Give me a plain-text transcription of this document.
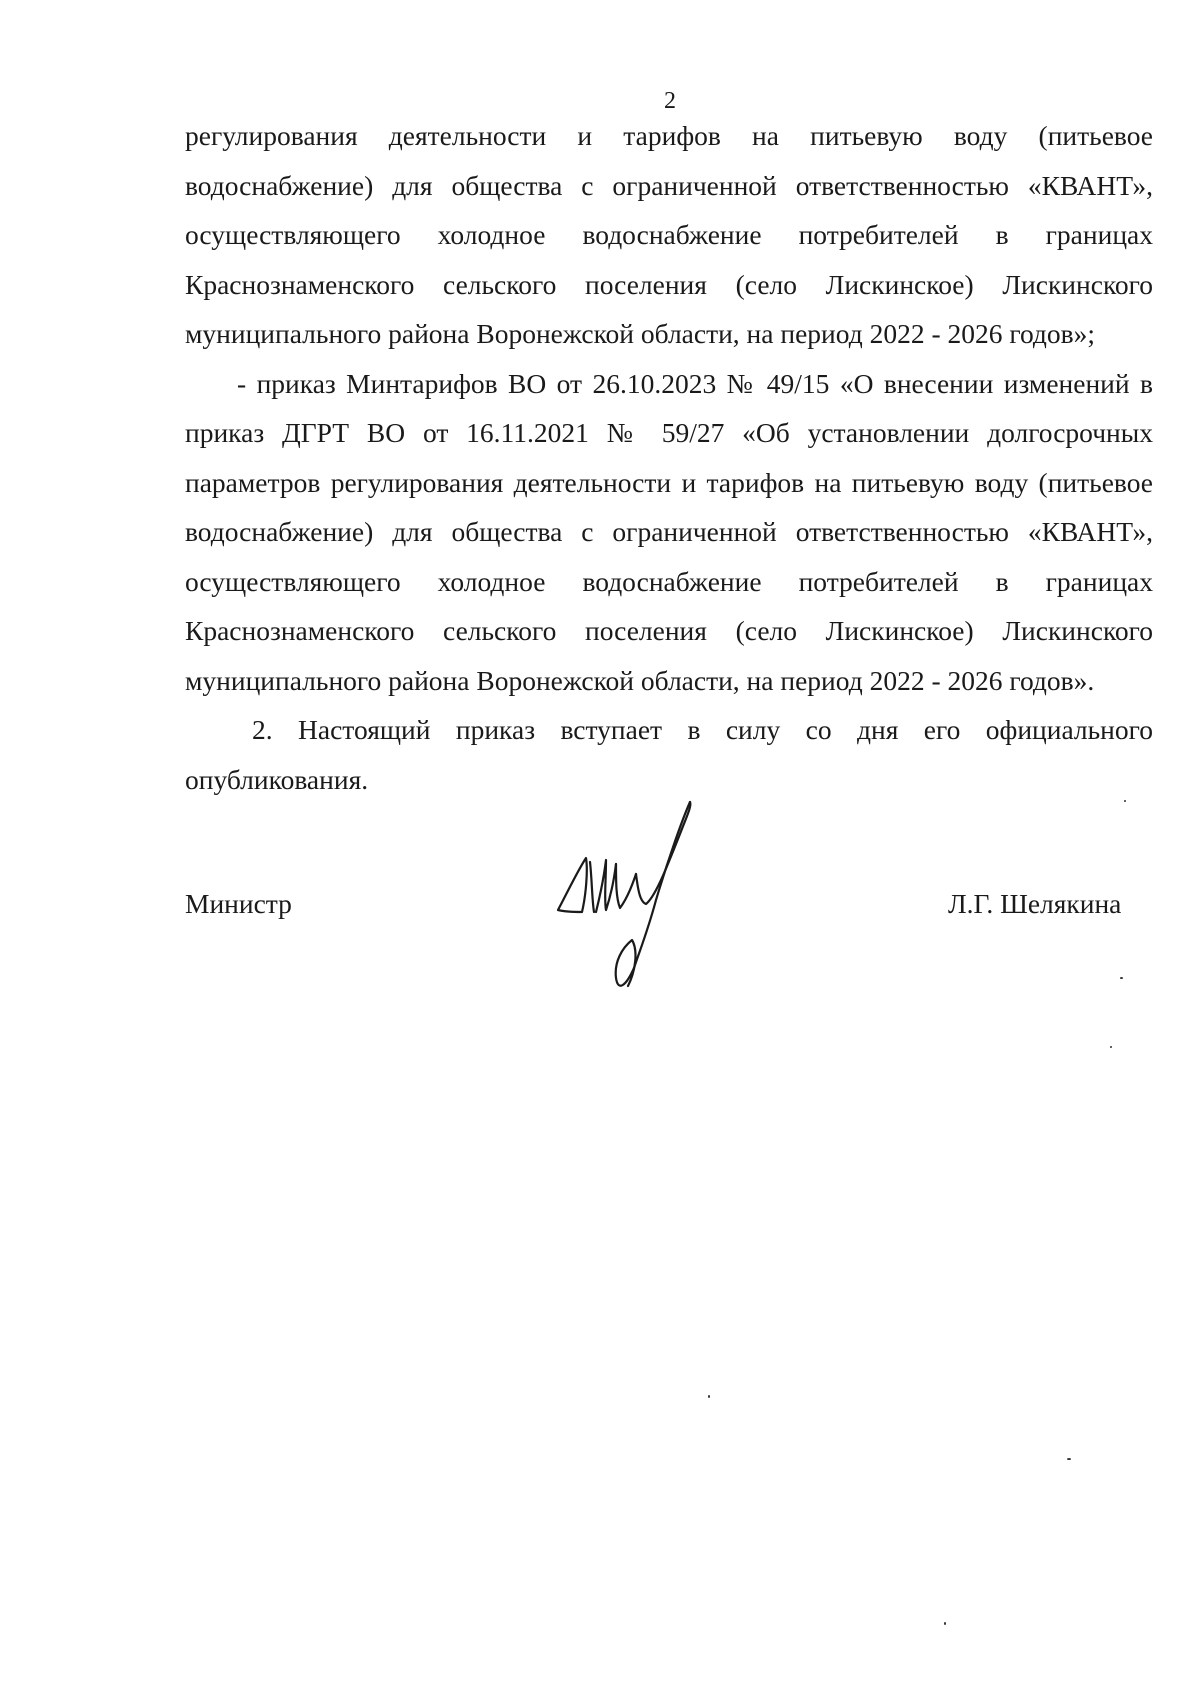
2

регулирования деятельности и тарифов на питьевую воду (питьевое водоснабжение) для общества с ограниченной ответственностью «КВАНТ», осуществляющего холодное водоснабжение потребителей в границах Краснознаменского сельского поселения (село Лискинское) Лискинского муниципального района Воронежской области, на период 2022 - 2026 годов»;

- приказ Минтарифов ВО от 26.10.2023 № 49/15 «О внесении изменений в приказ ДГРТ ВО от 16.11.2021 № 59/27 «Об установлении долгосрочных параметров регулирования деятельности и тарифов на питьевую воду (питьевое водоснабжение) для общества с ограниченной ответственностью «КВАНТ», осуществляющего холодное водоснабжение потребителей в границах Краснознаменского сельского поселения (село Лискинское) Лискинского муниципального района Воронежской области, на период 2022 - 2026 годов».

2. Настоящий приказ вступает в силу со дня его официального опубликования.

Министр	Л.Г. Шелякина
